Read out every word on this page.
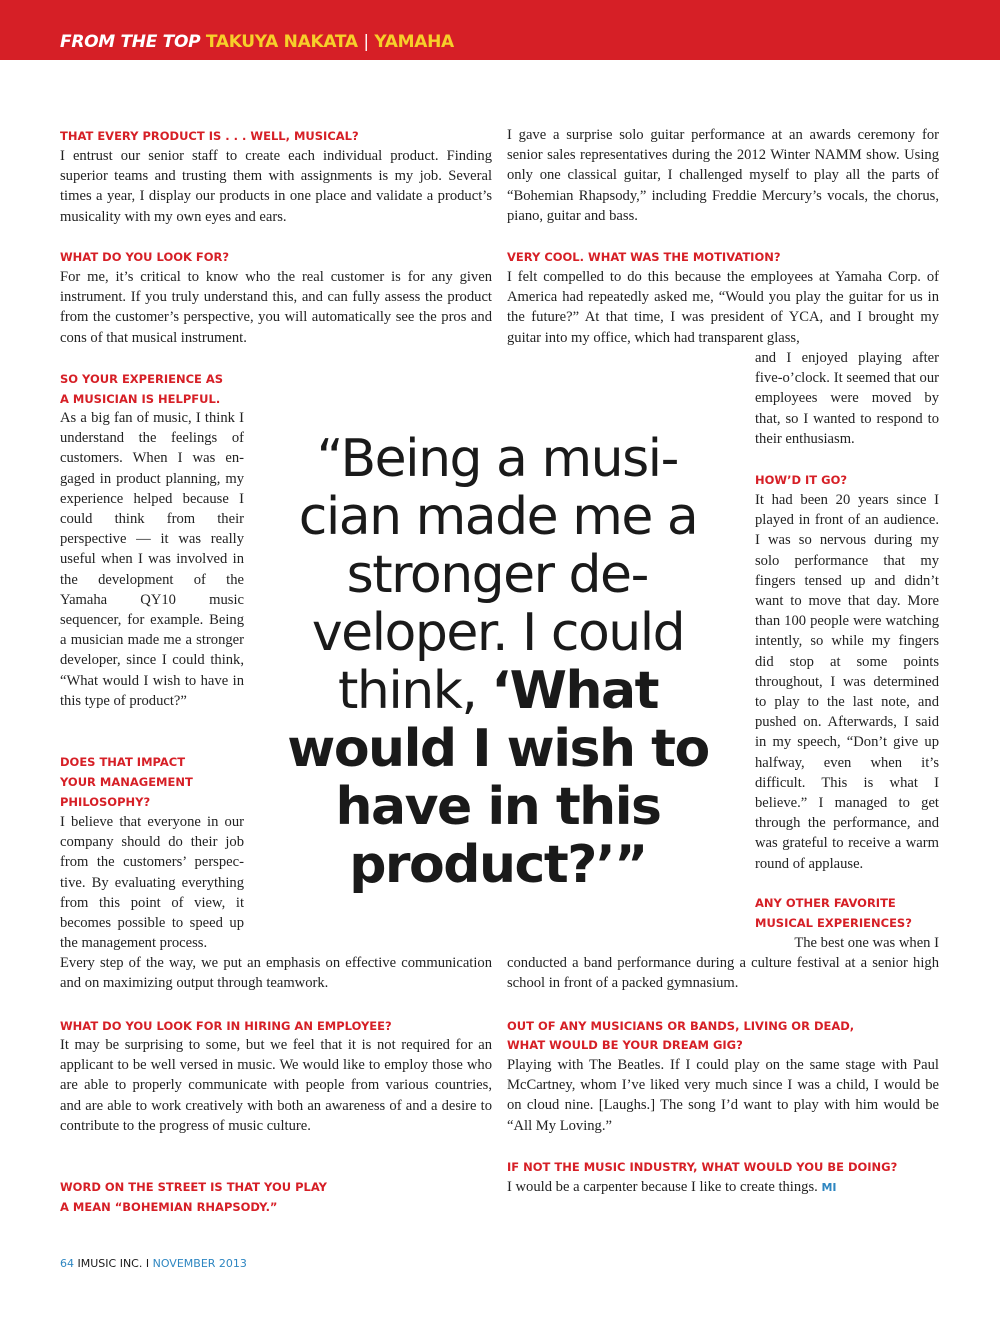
FROM THE TOP TAKUYA NAKATA | YAMAHA

THAT EVERY PRODUCT IS . . . WELL, MUSICAL?

I entrust our senior staff to create each individual product. Finding superior teams and trusting them with assignments is my job. Several times a year, I display our products in one place and validate a product’s musicality with my own eyes and ears.

WHAT DO YOU LOOK FOR?

For me, it’s critical to know who the real customer is for any given instrument. If you truly understand this, and can fully assess the product from the customer’s perspective, you will automatically see the pros and cons of that musical instrument.

SO YOUR EXPERIENCE AS

A MUSICIAN IS HELPFUL.

As a big fan of music, I think I understand the feelings of customers. When I was engaged in product planning, my experience helped because I could think from their perspective — it was really useful when I was involved in the development of the Yamaha QY10 music sequencer, for example. Being a musician made me a stronger developer, since I could think, “What would I wish to have in this type of product?”

DOES THAT IMPACT

YOUR MANAGEMENT

PHILOSOPHY?

I believe that everyone in our company should do their job from the customers’ perspective. By evaluating everything from this point of view, it becomes possible to speed up the management process.

Every step of the way, we put an emphasis on effective communication and on maximizing output through teamwork.

WHAT DO YOU LOOK FOR IN HIRING AN EMPLOYEE?

It may be surprising to some, but we feel that it is not required for an applicant to be well versed in music. We would like to employ those who are able to properly communicate with people from various countries, and are able to work creatively with both an awareness of and a desire to contribute to the progress of music culture.

WORD ON THE STREET IS THAT YOU PLAY

A MEAN “BOHEMIAN RHAPSODY.”

I gave a surprise solo guitar performance at an awards ceremony for senior sales representatives during the 2012 Winter NAMM show. Using only one classical guitar, I challenged myself to play all the parts of “Bohemian Rhapsody,” including Freddie Mercury’s vocals, the chorus, piano, guitar and bass.

VERY COOL. WHAT WAS THE MOTIVATION?

I felt compelled to do this because the employees at Yamaha Corp. of America had repeatedly asked me, “Would you play the guitar for us in the future?” At that time, I was president of YCA, and I brought my guitar into my office, which had transparent glass,

and I enjoyed playing after five-o’clock. It seemed that our employees were moved by that, so I wanted to respond to their enthusiasm.

HOW’D IT GO?

It had been 20 years since I played in front of an audience. I was so nervous during my solo performance that my fingers tensed up and didn’t want to move that day. More than 100 people were watching intently, so while my fingers did stop at some points throughout, I was determined to play to the last note, and pushed on. Afterwards, I said in my speech, “Don’t give up halfway, even when it’s difficult. This is what I believe.” I managed to get through the performance, and was grateful to receive a warm round of applause.

ANY OTHER FAVORITE

MUSICAL EXPERIENCES?

The best one was when I

conducted a band performance during a culture festival at a senior high school in front of a packed gymnasium.

OUT OF ANY MUSICIANS OR BANDS, LIVING OR DEAD,

WHAT WOULD BE YOUR DREAM GIG?

Playing with The Beatles. If I could play on the same stage with Paul McCartney, whom I’ve liked very much since I was a child, I would be on cloud nine. [Laughs.] The song I’d want to play with him would be “All My Loving.”

IF NOT THE MUSIC INDUSTRY, WHAT WOULD YOU BE DOING?

I would be a carpenter because I like to create things. MI

“Being a musician made me a stronger developer. I could think, ‘What would I wish to have in this product?’”
64 IMUSIC INC. I NOVEMBER 2013
